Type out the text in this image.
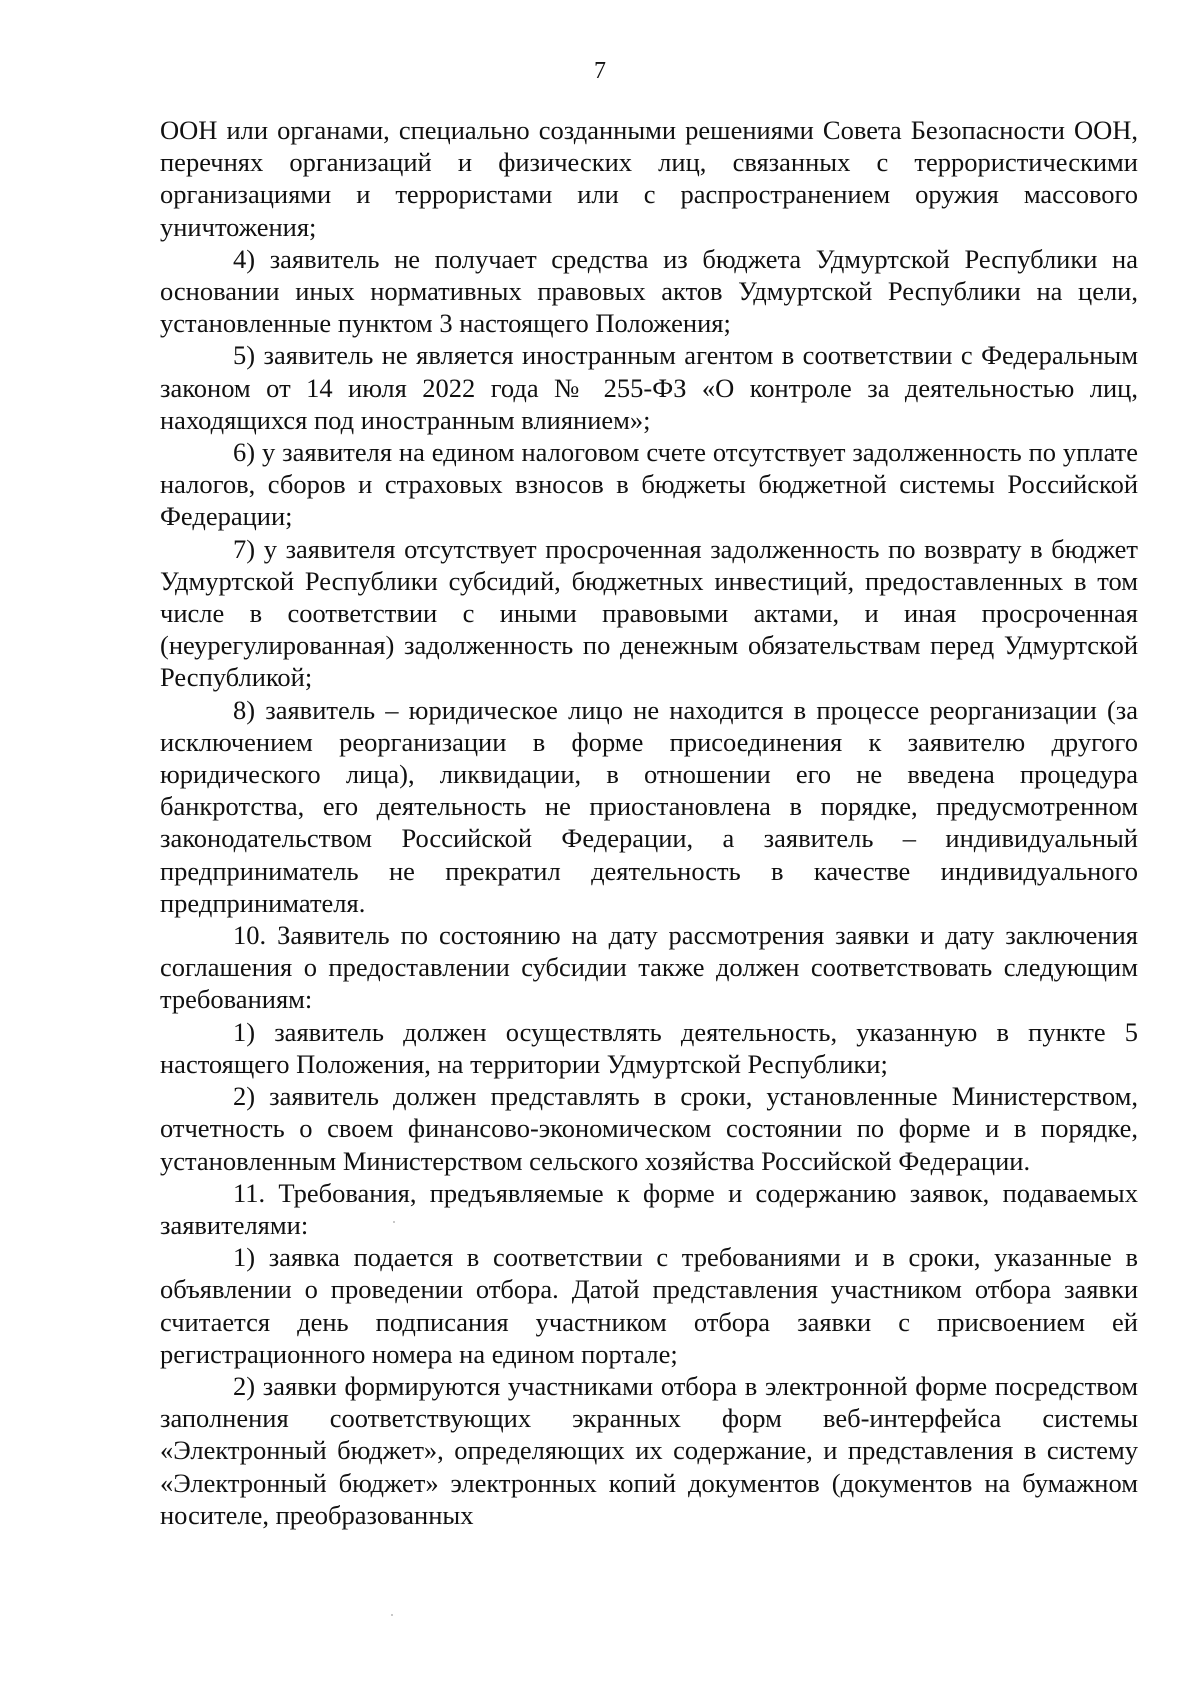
7

ООН или органами, специально созданными решениями Совета Безопасности ООН, перечнях организаций и физических лиц, связанных с террористическими организациями и террористами или с распространением оружия массового уничтожения;

4) заявитель не получает средства из бюджета Удмуртской Республики на основании иных нормативных правовых актов Удмуртской Республики на цели, установленные пунктом 3 настоящего Положения;

5) заявитель не является иностранным агентом в соответствии с Федеральным законом от 14 июля 2022 года № 255-ФЗ «О контроле за деятельностью лиц, находящихся под иностранным влиянием»;

6) у заявителя на едином налоговом счете отсутствует задолженность по уплате налогов, сборов и страховых взносов в бюджеты бюджетной системы Российской Федерации;

7) у заявителя отсутствует просроченная задолженность по возврату в бюджет Удмуртской Республики субсидий, бюджетных инвестиций, предоставленных в том числе в соответствии с иными правовыми актами, и иная просроченная (неурегулированная) задолженность по денежным обязательствам перед Удмуртской Республикой;

8) заявитель – юридическое лицо не находится в процессе реорганизации (за исключением реорганизации в форме присоединения к заявителю другого юридического лица), ликвидации, в отношении его не введена процедура банкротства, его деятельность не приостановлена в порядке, предусмотренном законодательством Российской Федерации, а заявитель – индивидуальный предприниматель не прекратил деятельность в качестве индивидуального предпринимателя.

10. Заявитель по состоянию на дату рассмотрения заявки и дату заключения соглашения о предоставлении субсидии также должен соответствовать следующим требованиям:

1) заявитель должен осуществлять деятельность, указанную в пункте 5 настоящего Положения, на территории Удмуртской Республики;

2) заявитель должен представлять в сроки, установленные Министерством, отчетность о своем финансово-экономическом состоянии по форме и в порядке, установленным Министерством сельского хозяйства Российской Федерации.

11. Требования, предъявляемые к форме и содержанию заявок, подаваемых заявителями:

1) заявка подается в соответствии с требованиями и в сроки, указанные в объявлении о проведении отбора. Датой представления участником отбора заявки считается день подписания участником отбора заявки с присвоением ей регистрационного номера на едином портале;

2) заявки формируются участниками отбора в электронной форме посредством заполнения соответствующих экранных форм веб-интерфейса системы «Электронный бюджет», определяющих их содержание, и представления в систему «Электронный бюджет» электронных копий документов (документов на бумажном носителе, преобразованных
